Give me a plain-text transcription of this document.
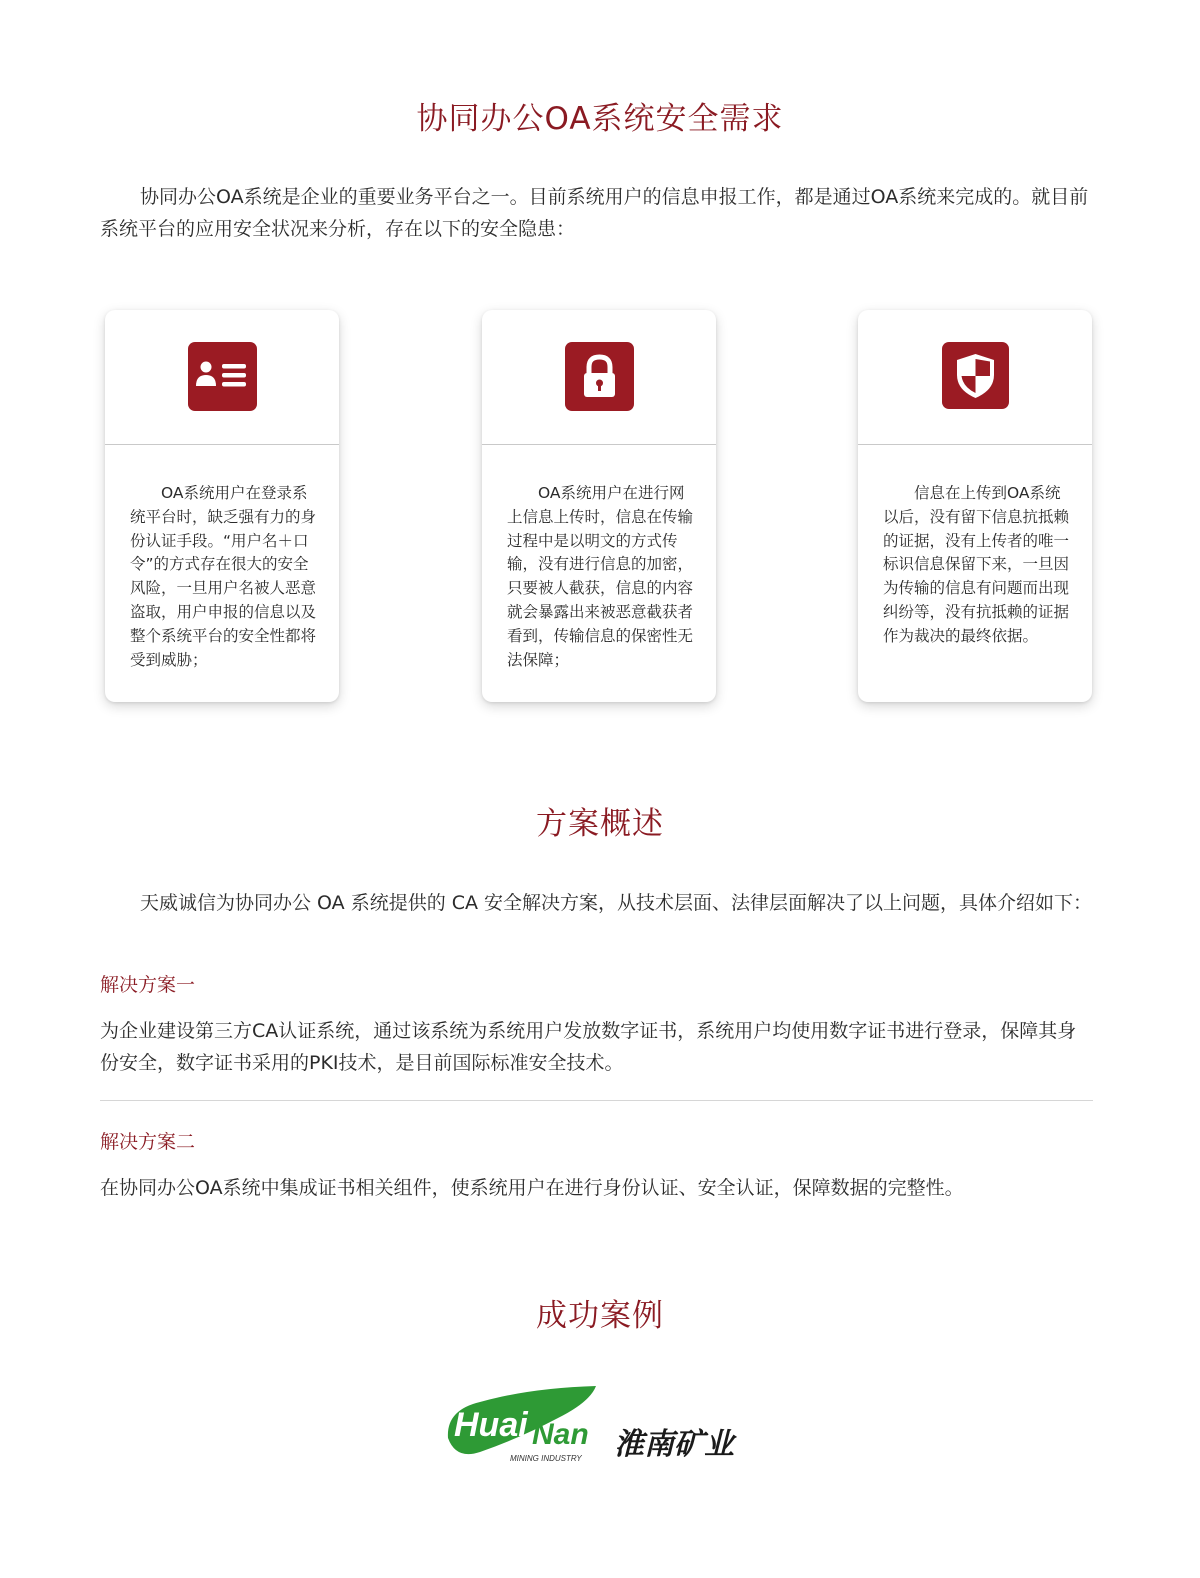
协同办公OA系统安全需求

协同办公OA系统是企业的重要业务平台之一。目前系统用户的信息申报工作，都是通过OA系统来完成的。就目前系统平台的应用安全状况来分析，存在以下的安全隐患：

OA系统用户在登录系统平台时，缺乏强有力的身份认证手段。“用户名＋口令”的方式存在很大的安全风险，一旦用户名被人恶意盗取，用户申报的信息以及整个系统平台的安全性都将受到威胁；

OA系统用户在进行网上信息上传时，信息在传输过程中是以明文的方式传输，没有进行信息的加密，只要被人截获，信息的内容就会暴露出来被恶意截获者看到，传输信息的保密性无法保障；

信息在上传到OA系统以后，没有留下信息抗抵赖的证据，没有上传者的唯一标识信息保留下来，一旦因为传输的信息有问题而出现纠纷等，没有抗抵赖的证据作为裁决的最终依据。

方案概述

天威诚信为协同办公 OA 系统提供的 CA 安全解决方案，从技术层面、法律层面解决了以上问题，具体介绍如下：

解决方案一

为企业建设第三方CA认证系统，通过该系统为系统用户发放数字证书，系统用户均使用数字证书进行登录，保障其身份安全，数字证书采用的PKI技术，是目前国际标准安全技术。

解决方案二

在协同办公OA系统中集成证书相关组件，使系统用户在进行身份认证、安全认证，保障数据的完整性。

成功案例
Huai Nan
MINING INDUSTRY 淮南矿业
